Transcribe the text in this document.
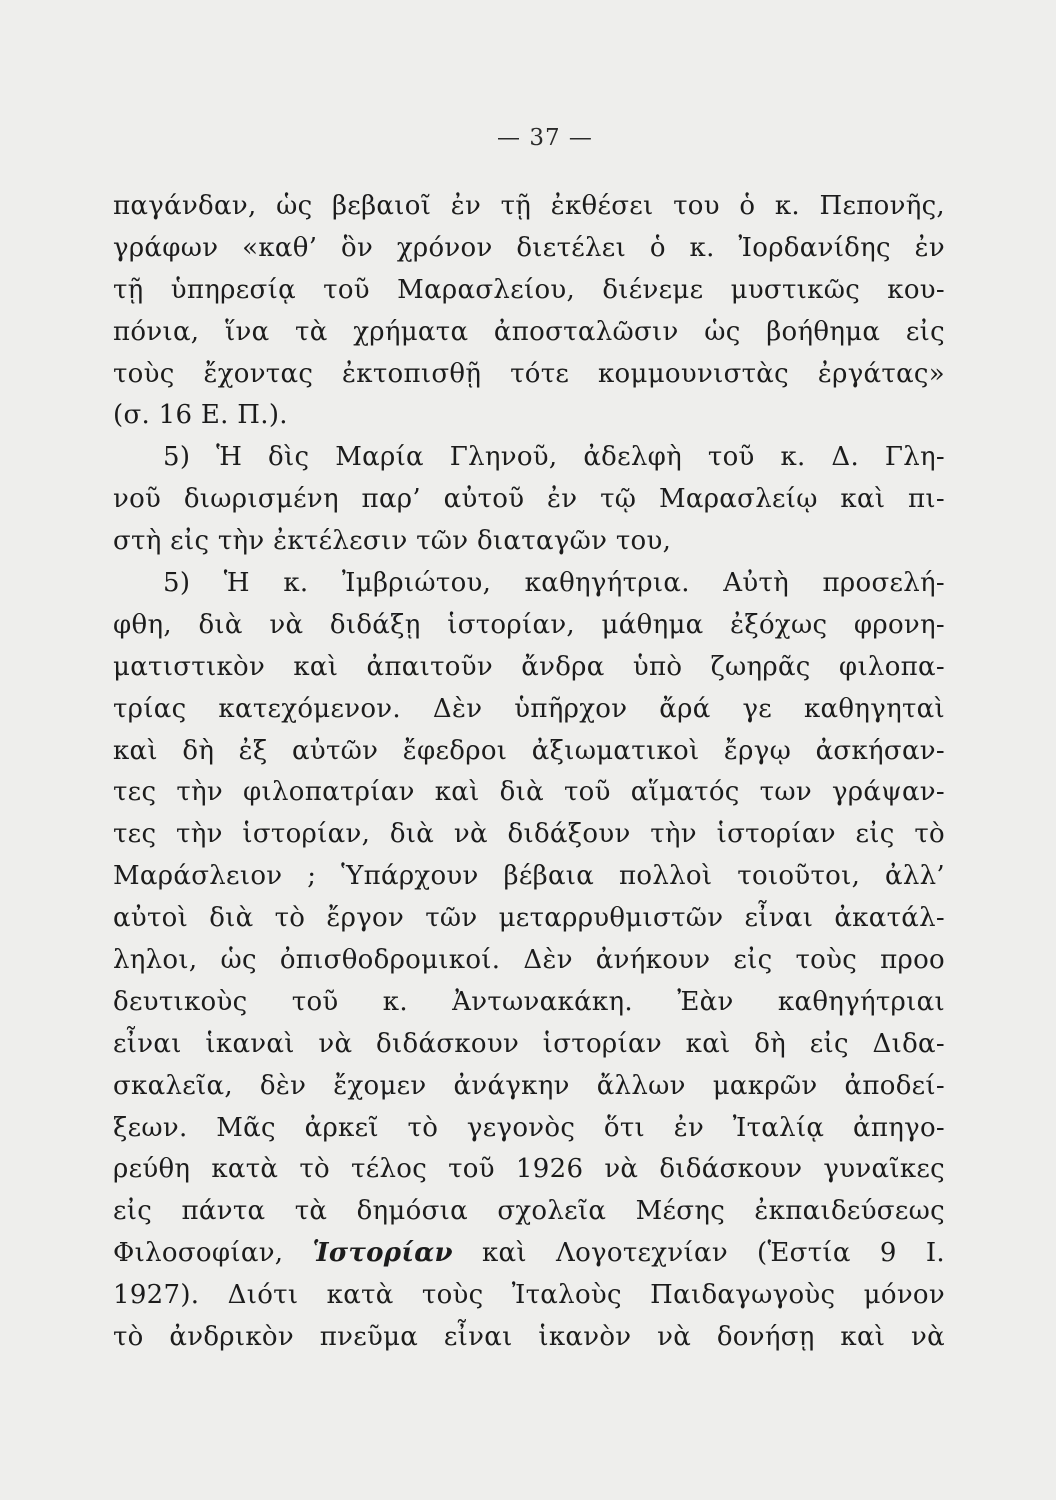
— 37 —
παγάνδαν, ὡς βεβαιοῖ ἐν τῇ ἐκθέσει του ὁ κ. Πεπονῆς,
γράφων «καθ’ ὃν χρόνον διετέλει ὁ κ. Ἰορδανίδης ἐν
τῇ ὑπηρεσίᾳ τοῦ Μαρασλείου, διένεμε μυστικῶς κου-
πόνια, ἵνα τὰ χρήματα ἀποσταλῶσιν ὡς βοήθημα εἰς
τοὺς ἔχοντας ἐκτοπισθῇ τότε κομμουνιστὰς ἐργάτας»
(σ. 16 Ε. Π.).
5) Ἡ δὶς Μαρία Γληνοῦ, ἀδελφὴ τοῦ κ. Δ. Γλη-
νοῦ διωρισμένη παρ’ αὐτοῦ ἐν τῷ Μαρασλείῳ καὶ πι-
στὴ εἰς τὴν ἐκτέλεσιν τῶν διαταγῶν του,
5) Ἡ κ. Ἰμβριώτου, καθηγήτρια. Αὐτὴ προσελή-
φθη, διὰ νὰ διδάξῃ ἱστορίαν, μάθημα ἐξόχως φρονη-
ματιστικὸν καὶ ἀπαιτοῦν ἄνδρα ὑπὸ ζωηρᾶς φιλοπα-
τρίας κατεχόμενον. Δὲν ὑπῆρχον ἄρά γε καθηγηταὶ
καὶ δὴ ἐξ αὐτῶν ἔφεδροι ἀξιωματικοὶ ἔργῳ ἀσκήσαν-
τες τὴν φιλοπατρίαν καὶ διὰ τοῦ αἵματός των γράψαν-
τες τὴν ἱστορίαν, διὰ νὰ διδάξουν τὴν ἱστορίαν εἰς τὸ
Μαράσλειον ; Ὑπάρχουν βέβαια πολλοὶ τοιοῦτοι, ἀλλ’
αὐτοὶ διὰ τὸ ἔργον τῶν μεταρρυθμιστῶν εἶναι ἀκατάλ-
ληλοι, ὡς ὀπισθοδρομικοί. Δὲν ἀνήκουν εἰς τοὺς προο
δευτικοὺς τοῦ κ. Ἀντωνακάκη. Ἐὰν καθηγήτριαι
εἶναι ἱκαναὶ νὰ διδάσκουν ἱστορίαν καὶ δὴ εἰς Διδα-
σκαλεῖα, δὲν ἔχομεν ἀνάγκην ἄλλων μακρῶν ἀποδεί-
ξεων. Μᾶς ἀρκεῖ τὸ γεγονὸς ὅτι ἐν Ἰταλίᾳ ἀπηγο-
ρεύθη κατὰ τὸ τέλος τοῦ 1926 νὰ διδάσκουν γυναῖκες
εἰς πάντα τὰ δημόσια σχολεῖα Μέσης ἐκπαιδεύσεως
Φιλοσοφίαν, Ἱστορίαν καὶ Λογοτεχνίαν (Ἑστία 9 Ι.
1927). Διότι κατὰ τοὺς Ἰταλοὺς Παιδαγωγοὺς μόνον
τὸ ἀνδρικὸν πνεῦμα εἶναι ἱκανὸν νὰ δονήσῃ καὶ νὰ
